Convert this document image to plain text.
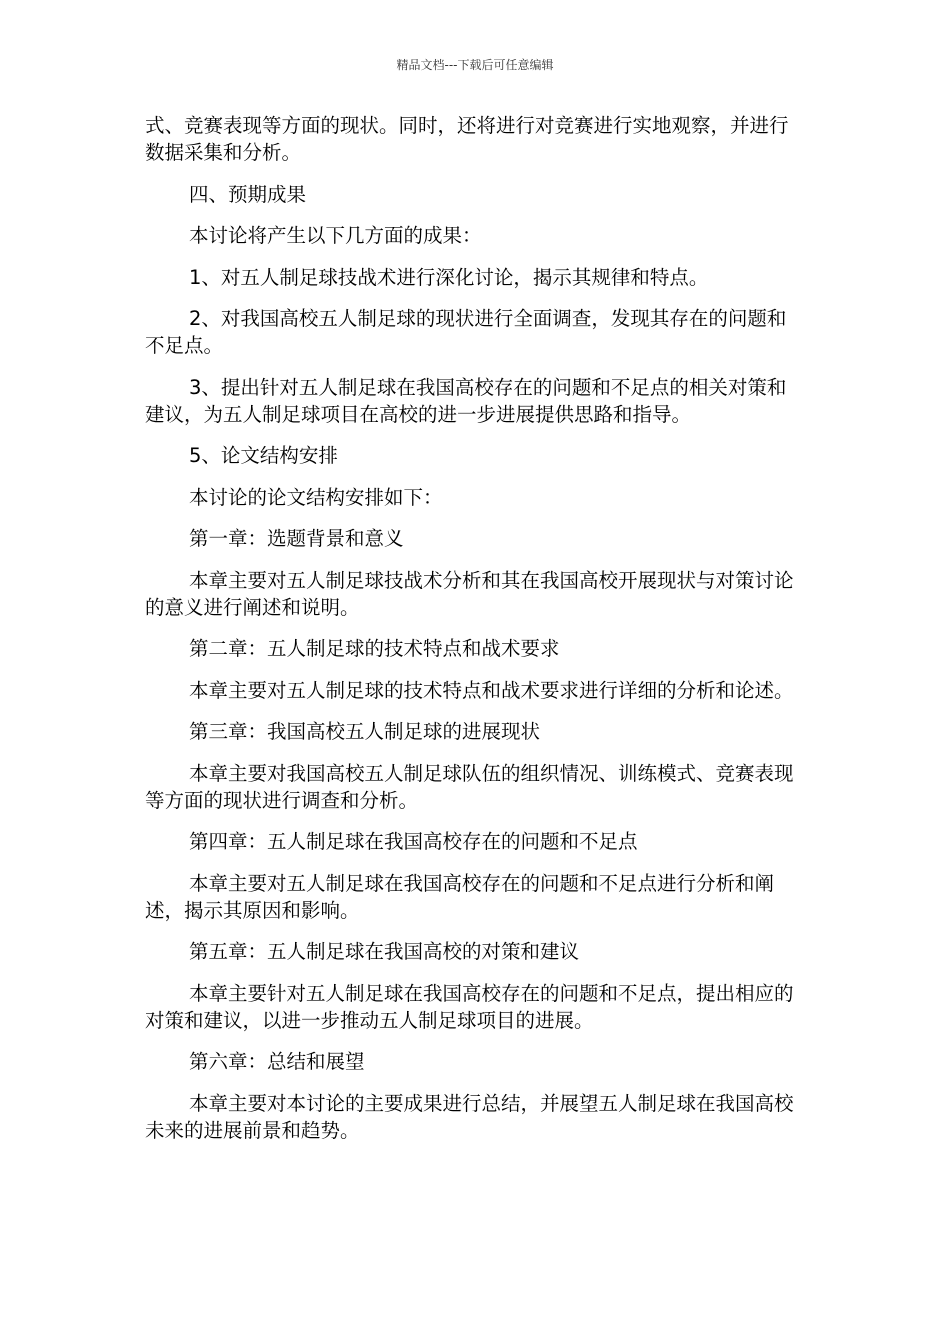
精品文档---下载后可任意编辑

式、竞赛表现等方面的现状。同时，还将进行对竞赛进行实地观察，并进行数据采集和分析。

四、预期成果

本讨论将产生以下几方面的成果：

1、对五人制足球技战术进行深化讨论，揭示其规律和特点。

2、对我国高校五人制足球的现状进行全面调查，发现其存在的问题和不足点。

3、提出针对五人制足球在我国高校存在的问题和不足点的相关对策和建议，为五人制足球项目在高校的进一步进展提供思路和指导。

5、论文结构安排

本讨论的论文结构安排如下：

第一章：选题背景和意义

本章主要对五人制足球技战术分析和其在我国高校开展现状与对策讨论的意义进行阐述和说明。

第二章：五人制足球的技术特点和战术要求

本章主要对五人制足球的技术特点和战术要求进行详细的分析和论述。

第三章：我国高校五人制足球的进展现状

本章主要对我国高校五人制足球队伍的组织情况、训练模式、竞赛表现等方面的现状进行调查和分析。

第四章：五人制足球在我国高校存在的问题和不足点

本章主要对五人制足球在我国高校存在的问题和不足点进行分析和阐述，揭示其原因和影响。

第五章：五人制足球在我国高校的对策和建议

本章主要针对五人制足球在我国高校存在的问题和不足点，提出相应的对策和建议，以进一步推动五人制足球项目的进展。

第六章：总结和展望

本章主要对本讨论的主要成果进行总结，并展望五人制足球在我国高校未来的进展前景和趋势。
